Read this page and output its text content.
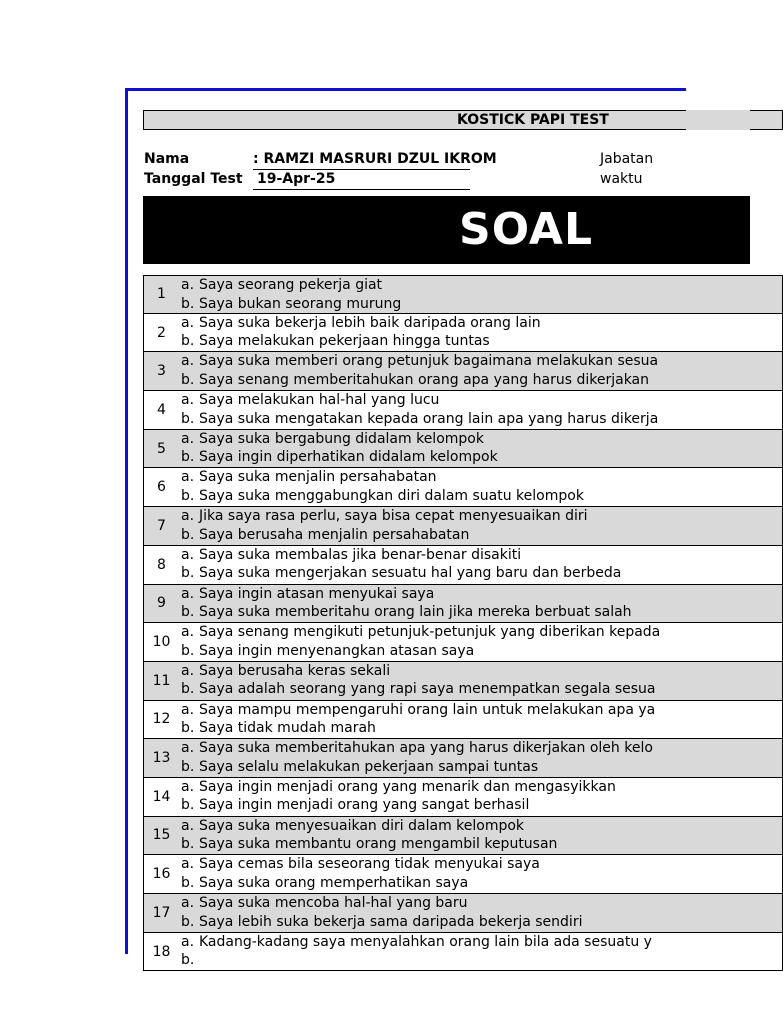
KOSTICK PAPI TEST
Nama	: RAMZI MASRURI DZUL IKROM
Tanggal Test 19-Apr-25
Jabatan
waktu
1
a. Saya seorang pekerja giat
b. Saya bukan seorang murung
2
a. Saya suka bekerja lebih baik daripada orang lain
b. Saya melakukan pekerjaan hingga tuntas
3
a. Saya suka memberi orang petunjuk bagaimana melakukan sesua
b. Saya senang memberitahukan orang apa yang harus dikerjakan
4
a. Saya melakukan hal-hal yang lucu
b. Saya suka mengatakan kepada orang lain apa yang harus dikerja
5
a. Saya suka bergabung didalam kelompok
b. Saya ingin diperhatikan didalam kelompok
6
a. Saya suka menjalin persahabatan
b. Saya suka menggabungkan diri dalam suatu kelompok
7
a. Jika saya rasa perlu, saya bisa cepat menyesuaikan diri
b. Saya berusaha menjalin persahabatan
8
a. Saya suka membalas jika benar-benar disakiti
b. Saya suka mengerjakan sesuatu hal yang baru dan berbeda
9
a. Saya ingin atasan menyukai saya
b. Saya suka memberitahu orang lain jika mereka berbuat salah
10
a. Saya senang mengikuti petunjuk-petunjuk yang diberikan kepada
b. Saya ingin menyenangkan atasan saya
11
a. Saya berusaha keras sekali
b. Saya adalah seorang yang rapi saya menempatkan segala sesua
12
a. Saya mampu mempengaruhi orang lain untuk melakukan apa ya
b. Saya tidak mudah marah
13
a. Saya suka memberitahukan apa yang harus dikerjakan oleh kelo
b. Saya selalu melakukan pekerjaan sampai tuntas
14
a. Saya ingin menjadi orang yang menarik dan mengasyikkan
b. Saya ingin menjadi orang yang sangat berhasil
15
a. Saya suka menyesuaikan diri dalam kelompok
b. Saya suka membantu orang mengambil keputusan
16
a. Saya cemas bila seseorang tidak menyukai saya
b. Saya suka orang memperhatikan saya
17
a. Saya suka mencoba hal-hal yang baru
b. Saya lebih suka bekerja sama daripada bekerja sendiri
18
a. Kadang-kadang saya menyalahkan orang lain bila ada sesuatu y
b.
SOAL
